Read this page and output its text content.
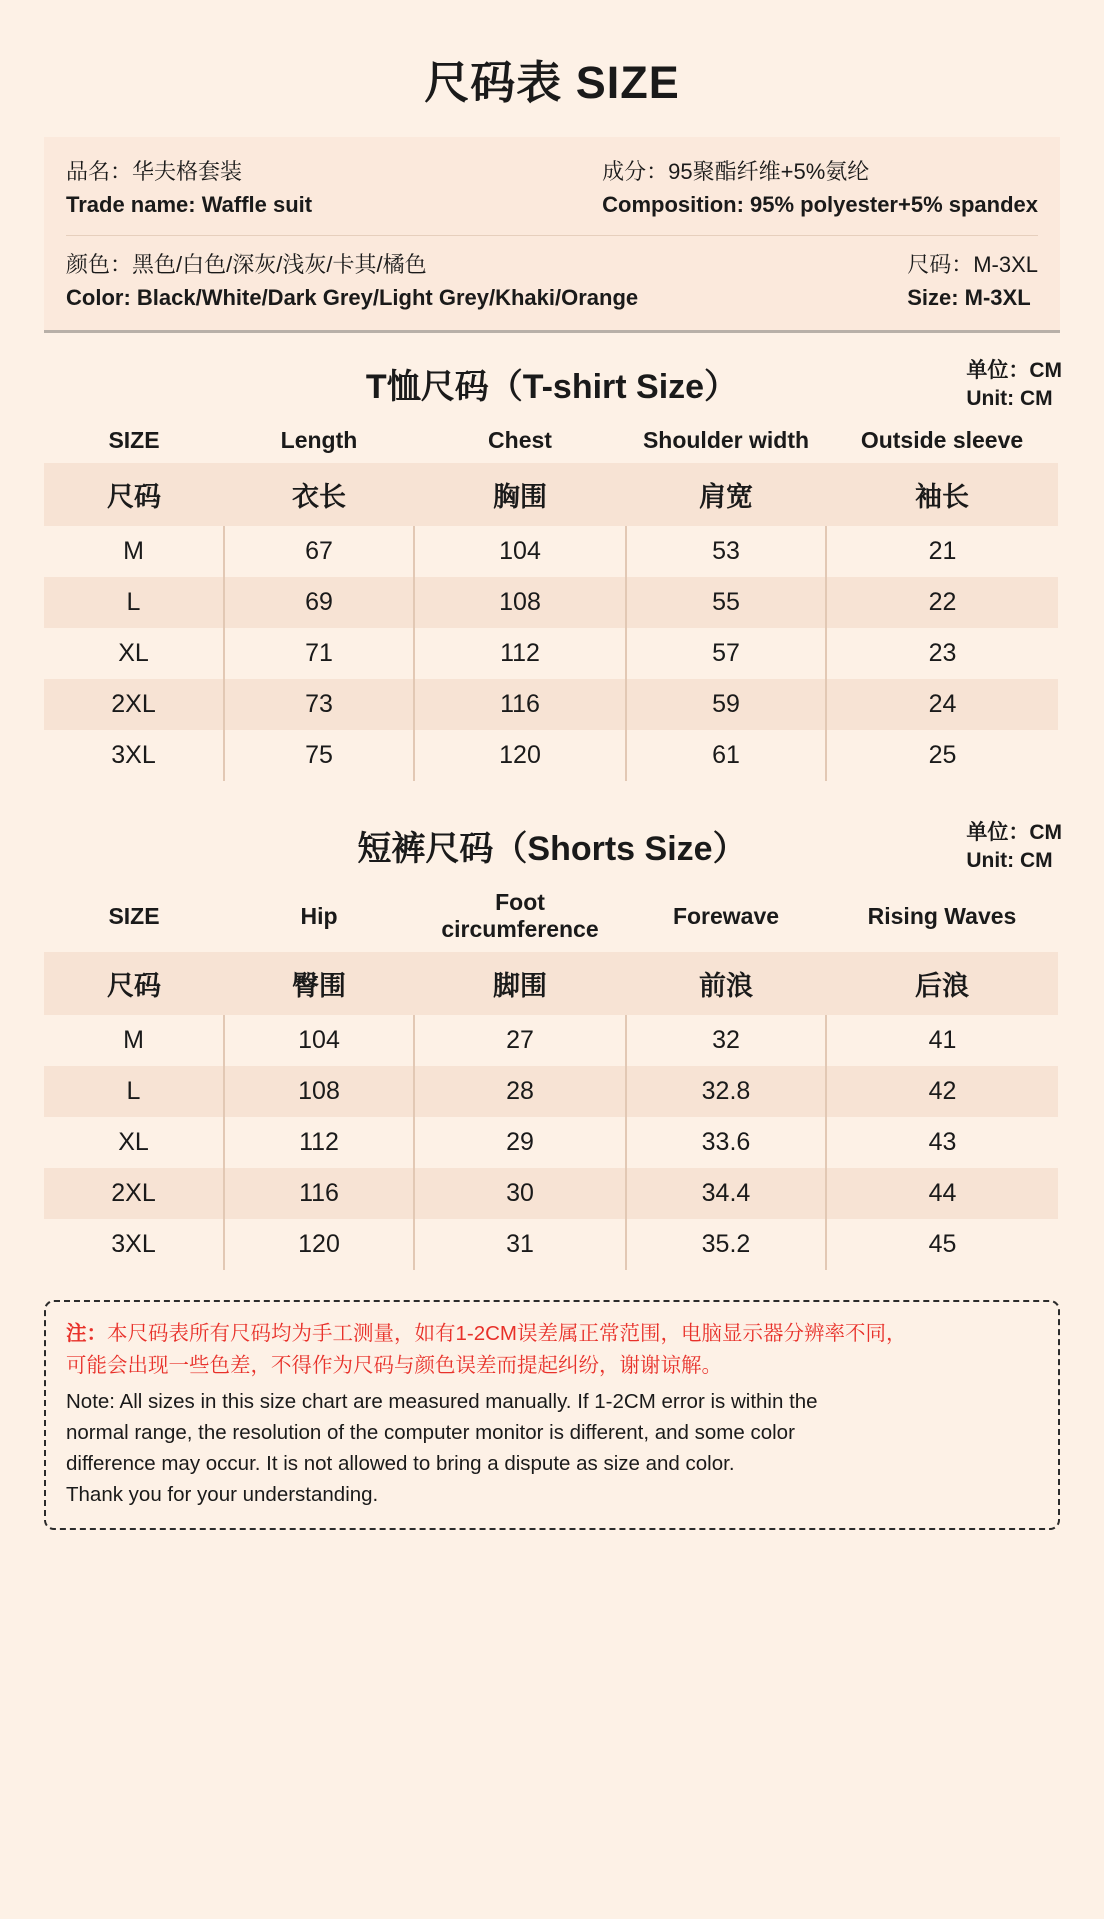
尺码表 SIZE
品名：华夫格套装
Trade name: Waffle suit
成分：95聚酯纤维+5%氨纶
Composition: 95% polyester+5% spandex
颜色：黑色/白色/深灰/浅灰/卡其/橘色
Color: Black/White/Dark Grey/Light Grey/Khaki/Orange
尺码：M-3XL
Size: M-3XL
T恤尺码（T-shirt Size）	单位：CM
Unit: CM
SIZE	Length	Chest	Shoulder width	Outside sleeve
尺码	衣长	胸围	肩宽	袖长
M	67	104	53	21
L	69	108	55	22
XL	71	112	57	23
2XL	73	116	59	24
3XL	75	120	61	25
短裤尺码（Shorts Size）	单位：CM
Unit: CM
SIZE	Hip	Foot circumference	Forewave	Rising Waves
尺码	臀围	脚围	前浪	后浪
M	104	27	32	41
L	108	28	32.8	42
XL	112	29	33.6	43
2XL	116	30	34.4	44
3XL	120	31	35.2	45
注：本尺码表所有尺码均为手工测量，如有1-2CM误差属正常范围，电脑显示器分辨率不同，
可能会出现一些色差，不得作为尺码与颜色误差而提起纠纷，谢谢谅解。

Note: All sizes in this size chart are measured manually. If 1-2CM error is within the

normal range, the resolution of the computer monitor is different, and some color

difference may occur. It is not allowed to bring a dispute as size and color.

Thank you for your understanding.
